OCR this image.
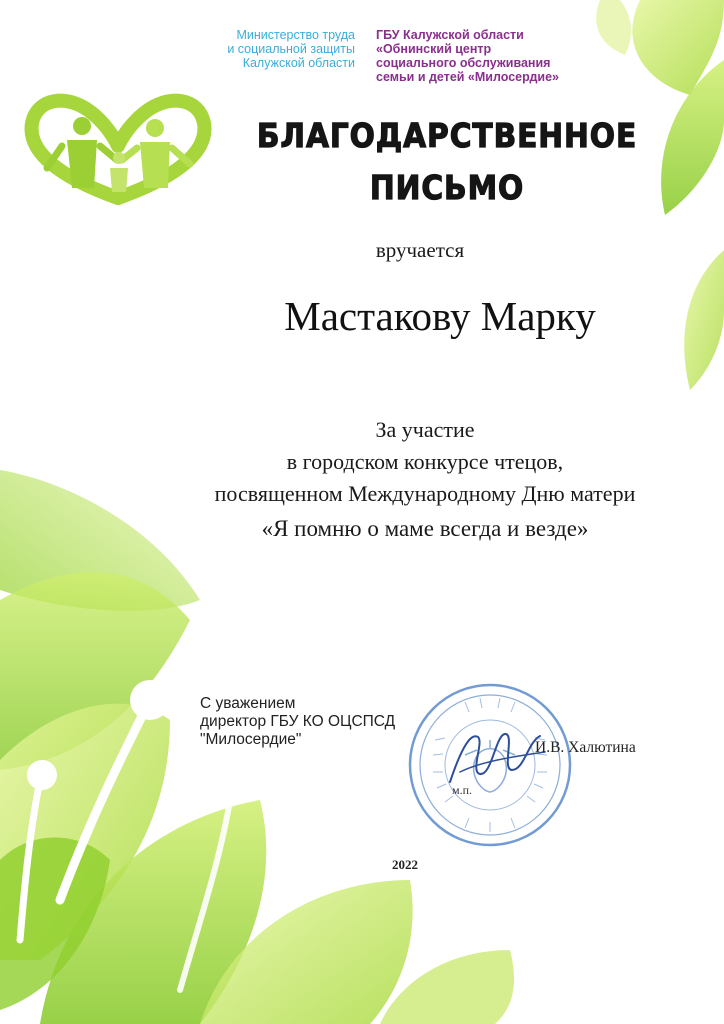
Министерство труда
и социальной защиты
Калужской области
ГБУ Калужской области
«Обнинский центр
социального обслуживания
семьи и детей «Милосердие»
БЛАГОДАРСТВЕННОЕ
ПИСЬМО
вручается
Мастакову Марку
За участие
в городском конкурсе чтецов,
посвященном Международному Дню матери
«Я помню о маме всегда и везде»
С уважением
директор ГБУ КО ОЦСПСД
"Милосердие"	И.В. Халютина
м.п.
2022
